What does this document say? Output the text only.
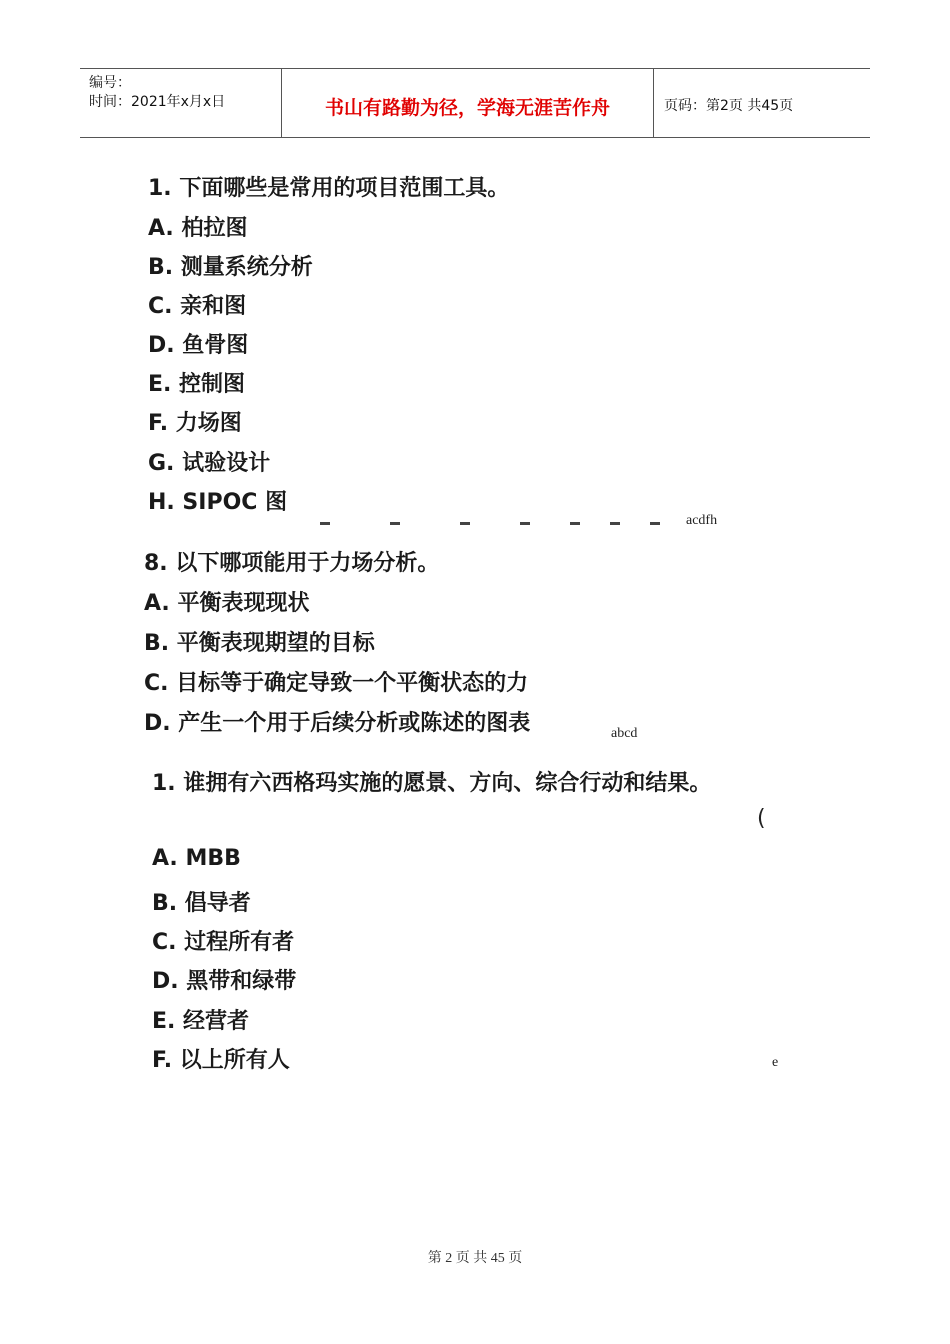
编号：
时间：2021年x月x日	书山有路勤为径，学海无涯苦作舟	页码：第2页 共45页
1. 下面哪些是常用的项目范围工具。
A. 柏拉图
B. 测量系统分析
C. 亲和图
D. 鱼骨图
E. 控制图
F. 力场图
G. 试验设计
H. SIPOC 图
acdfh
8. 以下哪项能用于力场分析。
A. 平衡表现现状
B. 平衡表现期望的目标
C. 目标等于确定导致一个平衡状态的力
D. 产生一个用于后续分析或陈述的图表	abcd
1. 谁拥有六西格玛实施的愿景、方向、综合行动和结果。
(
A. MBB
B. 倡导者
C. 过程所有者
D. 黑带和绿带
E. 经营者
F. 以上所有人	e
第 2 页 共 45 页
